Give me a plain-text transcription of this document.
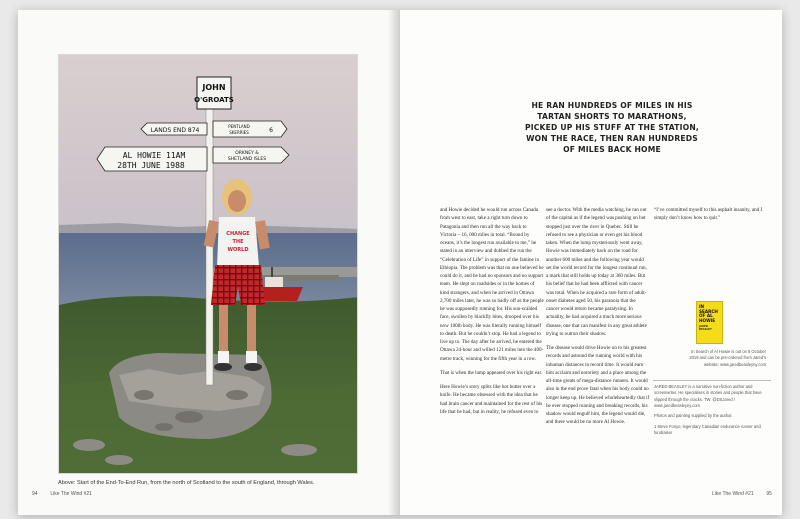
JOHN
O'GROATS
LANDS END 874
PENTLAND
SKERRIES	6
AL HOWIE 11AM
28TH JUNE 1988
ORKNEY &
SHETLAND ISLES
CHANGE
THE
WORLD
Above: Start of the End-To-End Run, from the north of Scotland to the south of England, through Wales.
94	Like The Wind #21
HE RAN HUNDREDS OF MILES IN HIS TARTAN SHORTS TO MARATHONS, PICKED UP HIS STUFF AT THE STATION, WON THE RACE, THEN RAN HUNDREDS OF MILES BACK HOME

and Howie decided he would run across Canada from west to east, take a right turn down to Patagonia and then run all the way back to Victoria – 16, 000 miles in total. “Bound by oceans, it’s the longest run available to me,” he stated in an interview and dubbed the run the “Celebration of Life” in support of the famine in Ethiopia. The problem was that no one believed he could do it, and he had no sponsors and no support team. He slept on roadsides or in the homes of kind strangers, and when he arrived in Ottawa 2,700 miles later, he was so badly off as the people he was supposedly running for. His sun-scalded face, swollen by blackfly bites, drooped over his now 100lb body. He was literally running himself to death. But he couldn’t stop. He had a legend to live up to. The day after he arrived, he entered the Ottawa 24-hour and willed 121 miles into the 400-metre track, winning for the fifth year in a row.

That is when the lump appeared over his right ear.

Here Howie’s story splits like hot butter over a knife. He became obsessed with the idea that he had brain cancer and maintained for the rest of his life that he had, but in reality, he refused even to

see a doctor. With the media watching, he ran out of the capital as if the legend was pushing on but stopped just over the river in Quebec. Still he refused to see a physician or even get his blood taken. When the lump mysteriously went away, Howie was immediately back on the road for another 600 miles and the following year would set the world record for the longest continual run, a mark that still holds up today at 360 miles. But his belief that he had been afflicted with cancer was total. When he acquired a rare form of adult-onset diabetes aged 50, his paranoia that the cancer would return became paralysing. In actuality, he had acquired a much more serious disease, one that can manifest in any great athlete trying to outrun their shadow.

The disease would drive Howie on to his greatest records and astound the running world with his inhuman distances in record time. It would earn him acclaim and notoriety and a place among the all-time greats of mega-distance runners. It would also in the end prove fatal when his body could no longer keep up. He believed wholeheartedly that if he ever stopped running and breaking records, his shadow would engulf him, the legend would die, and there would be no more Al Howie.

“I’ve committed myself to this asphalt insanity, and I simply don’t know how to quit.”

IN
SEARCH
OF AL
HOWIE
JARED BEASLEY
In Search of Al Howie is out on 8 October 2019 and can be pre-ordered from Jared’s website: www.jaredbeasleyny.com

JARED BEASLEY is a narrative non-fiction author and screenwriter. He specialises in stories and people that have slipped through the cracks. TW: @DSJared / www.jaredbeasleyny.com

Photos and painting supplied by the author.

1 Steve Fonyo, legendary Canadian endurance runner and fundraiser

Like The Wind #21	95
